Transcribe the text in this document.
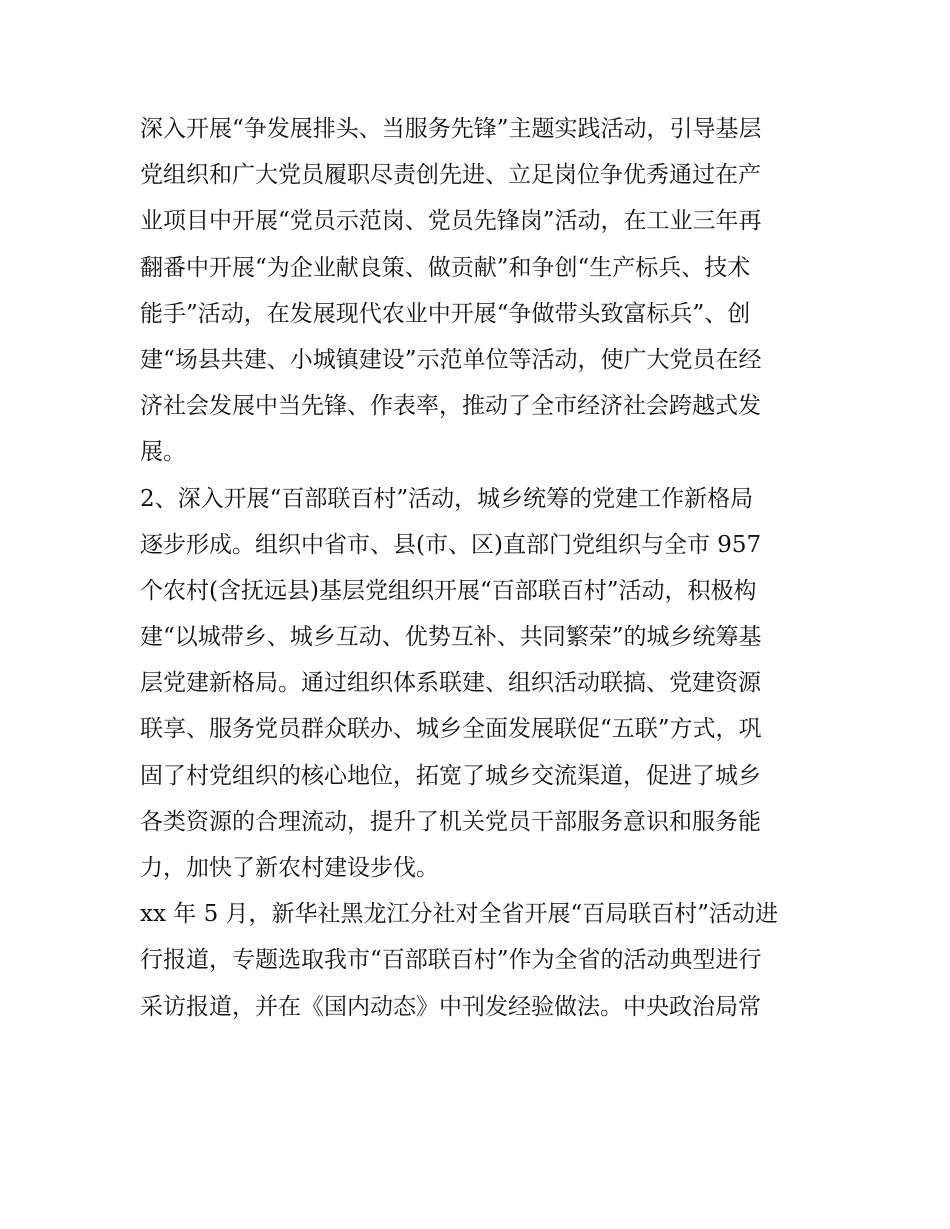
深入开展“争发展排头、当服务先锋”主题实践活动，引导基层
党组织和广大党员履职尽责创先进、立足岗位争优秀通过在产
业项目中开展“党员示范岗、党员先锋岗”活动，在工业三年再
翻番中开展“为企业献良策、做贡献”和争创“生产标兵、技术
能手”活动，在发展现代农业中开展“争做带头致富标兵”、创
建“场县共建、小城镇建设”示范单位等活动，使广大党员在经
济社会发展中当先锋、作表率，推动了全市经济社会跨越式发
展。

2、深入开展“百部联百村”活动，城乡统筹的党建工作新格局
逐步形成。组织中省市、县(市、区)直部门党组织与全市 957
个农村(含抚远县)基层党组织开展“百部联百村”活动，积极构
建“以城带乡、城乡互动、优势互补、共同繁荣”的城乡统筹基
层党建新格局。通过组织体系联建、组织活动联搞、党建资源
联享、服务党员群众联办、城乡全面发展联促“五联”方式，巩
固了村党组织的核心地位，拓宽了城乡交流渠道，促进了城乡
各类资源的合理流动，提升了机关党员干部服务意识和服务能
力，加快了新农村建设步伐。

xx 年 5 月，新华社黑龙江分社对全省开展“百局联百村”活动进
行报道，专题选取我市“百部联百村”作为全省的活动典型进行
采访报道，并在《国内动态》中刊发经验做法。中央政治局常
